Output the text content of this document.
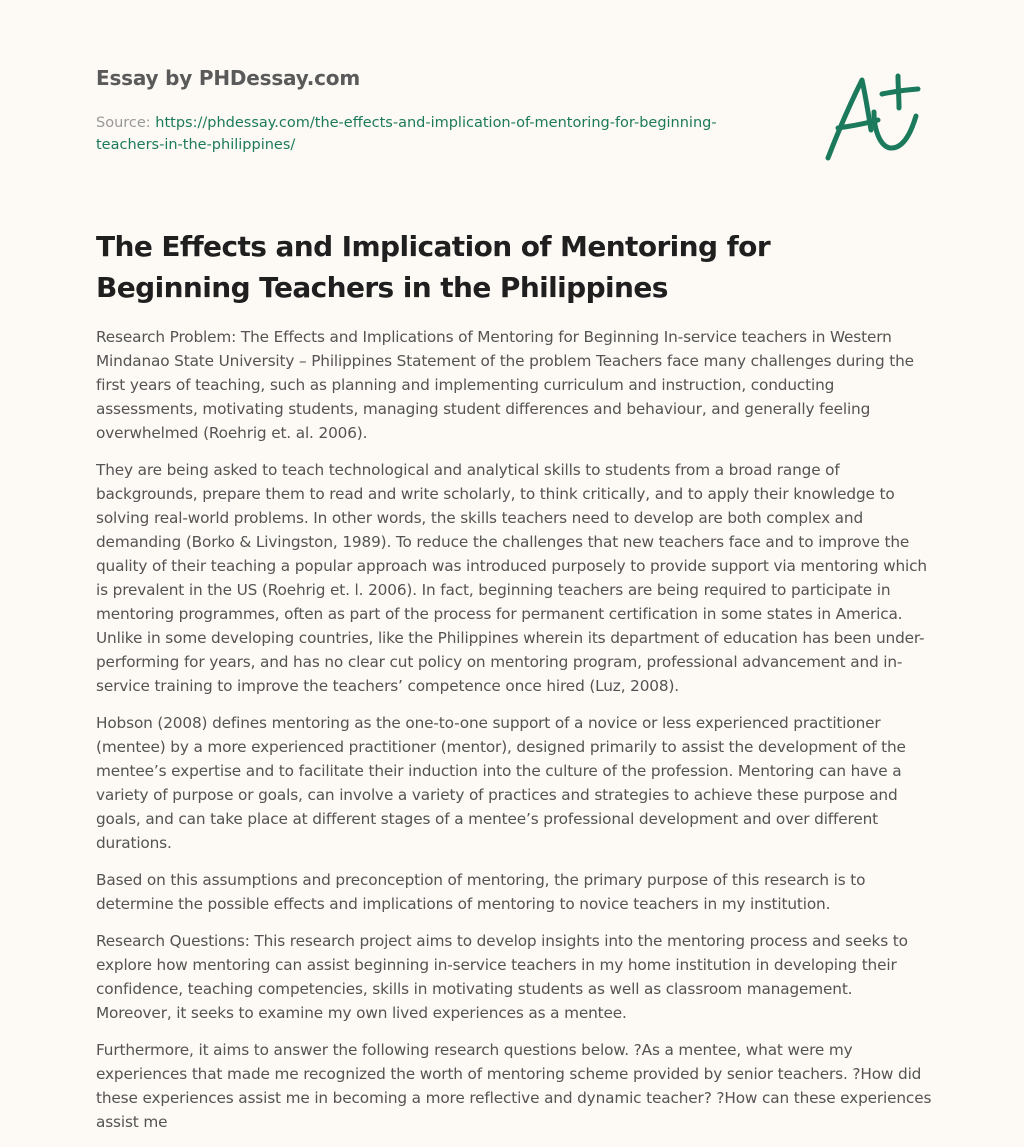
Essay by PHDessay.com
Source: https://phdessay.com/the-effects-and-implication-of-mentoring-for-beginning-
teachers-in-the-philippines/
The Effects and Implication of Mentoring for Beginning Teachers in the Philippines

Research Problem: The Effects and Implications of Mentoring for Beginning In-service teachers in Western Mindanao State University – Philippines Statement of the problem Teachers face many challenges during the first years of teaching, such as planning and implementing curriculum and instruction, conducting assessments, motivating students, managing student differences and behaviour, and generally feeling overwhelmed (Roehrig et. al. 2006).

They are being asked to teach technological and analytical skills to students from a broad range of backgrounds, prepare them to read and write scholarly, to think critically, and to apply their knowledge to solving real-world problems. In other words, the skills teachers need to develop are both complex and demanding (Borko & Livingston, 1989). To reduce the challenges that new teachers face and to improve the quality of their teaching a popular approach was introduced purposely to provide support via mentoring which is prevalent in the US (Roehrig et. l. 2006). In fact, beginning teachers are being required to participate in mentoring programmes, often as part of the process for permanent certification in some states in America. Unlike in some developing countries, like the Philippines wherein its department of education has been under-performing for years, and has no clear cut policy on mentoring program, professional advancement and in-service training to improve the teachers’ competence once hired (Luz, 2008).

Hobson (2008) defines mentoring as the one-to-one support of a novice or less experienced practitioner (mentee) by a more experienced practitioner (mentor), designed primarily to assist the development of the mentee’s expertise and to facilitate their induction into the culture of the profession. Mentoring can have a variety of purpose or goals, can involve a variety of practices and strategies to achieve these purpose and goals, and can take place at different stages of a mentee’s professional development and over different durations.

Based on this assumptions and preconception of mentoring, the primary purpose of this research is to determine the possible effects and implications of mentoring to novice teachers in my institution.

Research Questions: This research project aims to develop insights into the mentoring process and seeks to explore how mentoring can assist beginning in-service teachers in my home institution in developing their confidence, teaching competencies, skills in motivating students as well as classroom management. Moreover, it seeks to examine my own lived experiences as a mentee.

Furthermore, it aims to answer the following research questions below. ?As a mentee, what were my experiences that made me recognized the worth of mentoring scheme provided by senior teachers. ?How did these experiences assist me in becoming a more reflective and dynamic teacher? ?How can these experiences assist me
